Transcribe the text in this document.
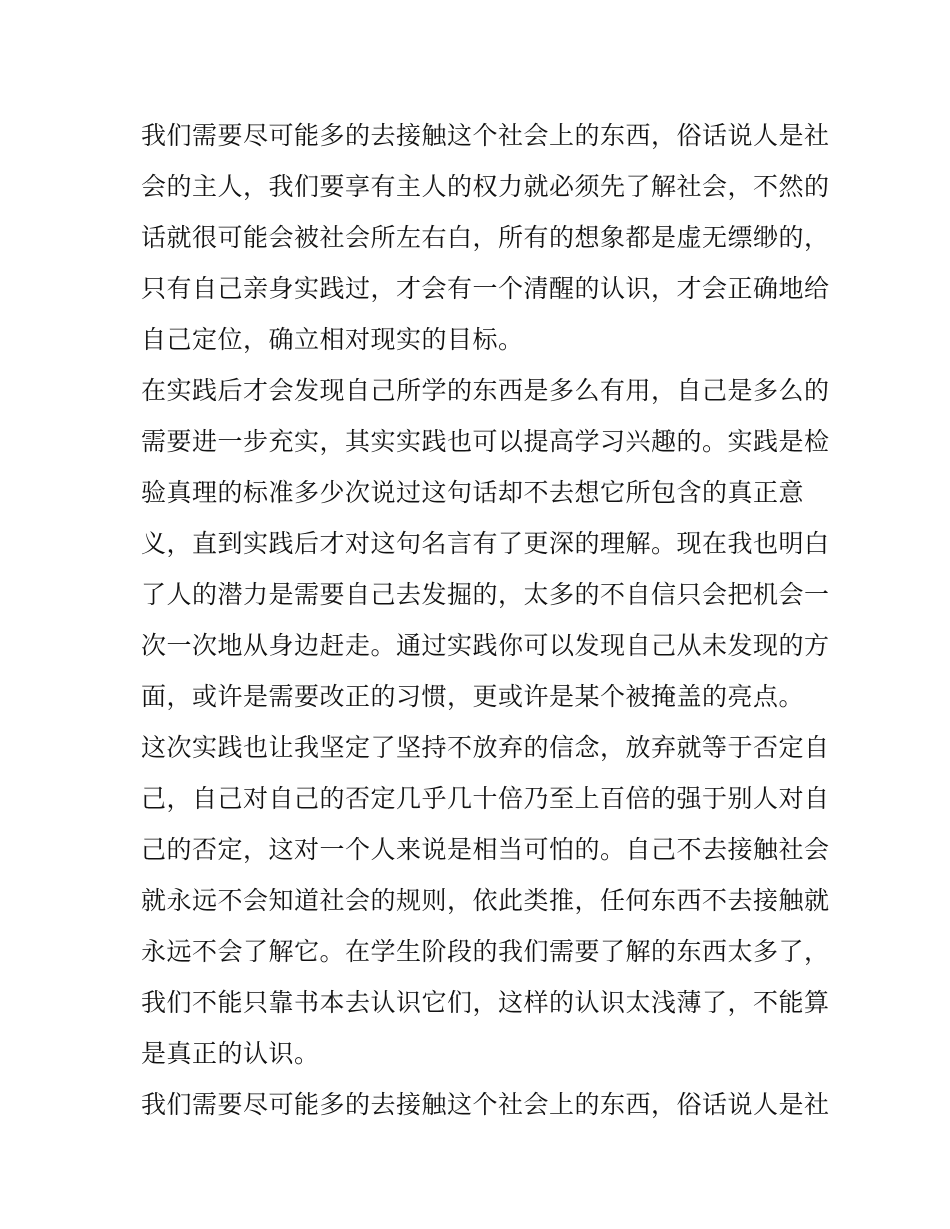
我们需要尽可能多的去接触这个社会上的东西，俗话说人是社
会的主人，我们要享有主人的权力就必须先了解社会，不然的
话就很可能会被社会所左右白，所有的想象都是虚无缥缈的，
只有自己亲身实践过，才会有一个清醒的认识，才会正确地给
自己定位，确立相对现实的目标。
在实践后才会发现自己所学的东西是多么有用，自己是多么的
需要进一步充实，其实实践也可以提高学习兴趣的。实践是检
验真理的标准多少次说过这句话却不去想它所包含的真正意
义，直到实践后才对这句名言有了更深的理解。现在我也明白
了人的潜力是需要自己去发掘的，太多的不自信只会把机会一
次一次地从身边赶走。通过实践你可以发现自己从未发现的方
面，或许是需要改正的习惯，更或许是某个被掩盖的亮点。
这次实践也让我坚定了坚持不放弃的信念，放弃就等于否定自
己，自己对自己的否定几乎几十倍乃至上百倍的强于别人对自
己的否定，这对一个人来说是相当可怕的。自己不去接触社会
就永远不会知道社会的规则，依此类推，任何东西不去接触就
永远不会了解它。在学生阶段的我们需要了解的东西太多了，
我们不能只靠书本去认识它们，这样的认识太浅薄了，不能算
是真正的认识。
我们需要尽可能多的去接触这个社会上的东西，俗话说人是社
